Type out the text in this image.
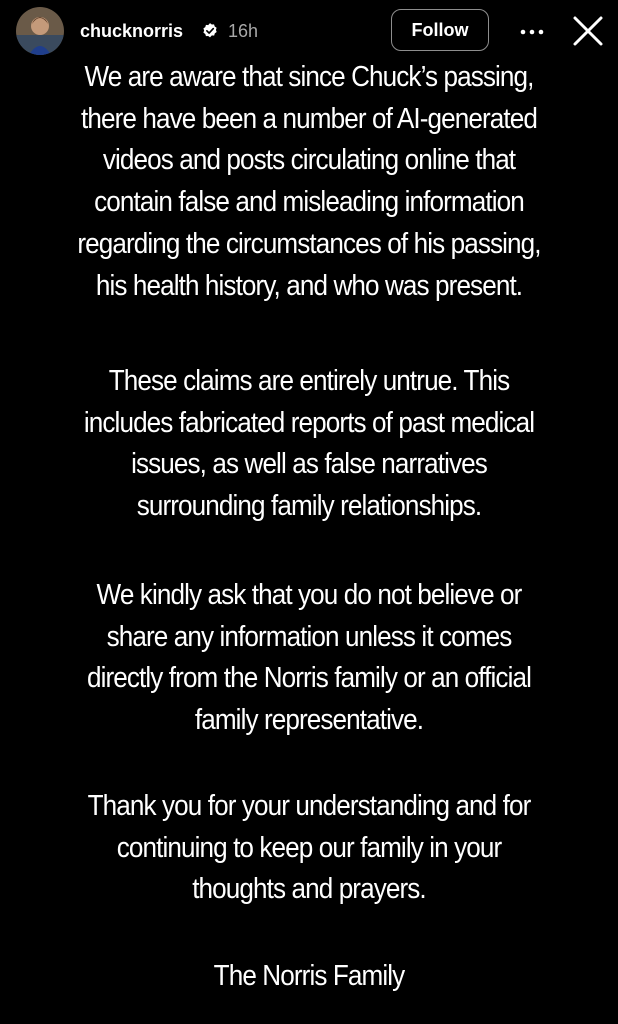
chucknorris 16h	Follow
We are aware that since Chuck’s passing,
there have been a number of AI-generated
videos and posts circulating online that
contain false and misleading information
regarding the circumstances of his passing,
his health history, and who was present.
These claims are entirely untrue. This
includes fabricated reports of past medical
issues, as well as false narratives
surrounding family relationships.
We kindly ask that you do not believe or
share any information unless it comes
directly from the Norris family or an official
family representative.
Thank you for your understanding and for
continuing to keep our family in your
thoughts and prayers.
The Norris Family
